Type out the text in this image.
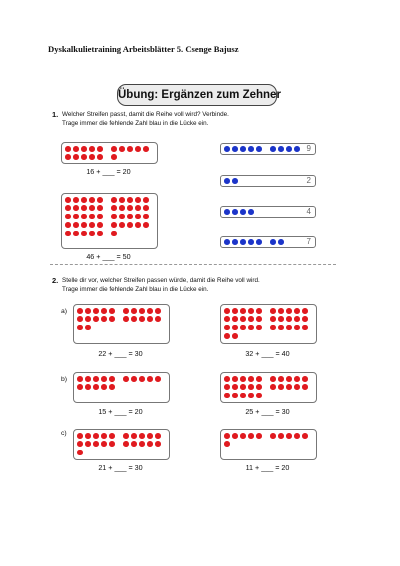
Dyskalkulietraining Arbeitsblätter 5. Csenge Bajusz
Übung: Ergänzen zum Zehner
1. Welcher Streifen passt, damit die Reihe voll wird? Verbinde.
Trage immer die fehlende Zahl blau in die Lücke ein.
16 + ___ = 20
46 + ___ = 50
9
2
4
7
2. Stelle dir vor, welcher Streifen passen würde, damit die Reihe voll wird.
Trage immer die fehlende Zahl blau in die Lücke ein.
a)
22 + ___ = 30	32 + ___ = 40
b)
15 + ___ = 20	25 + ___ = 30
c)
21 + ___ = 30	11 + ___ = 20
